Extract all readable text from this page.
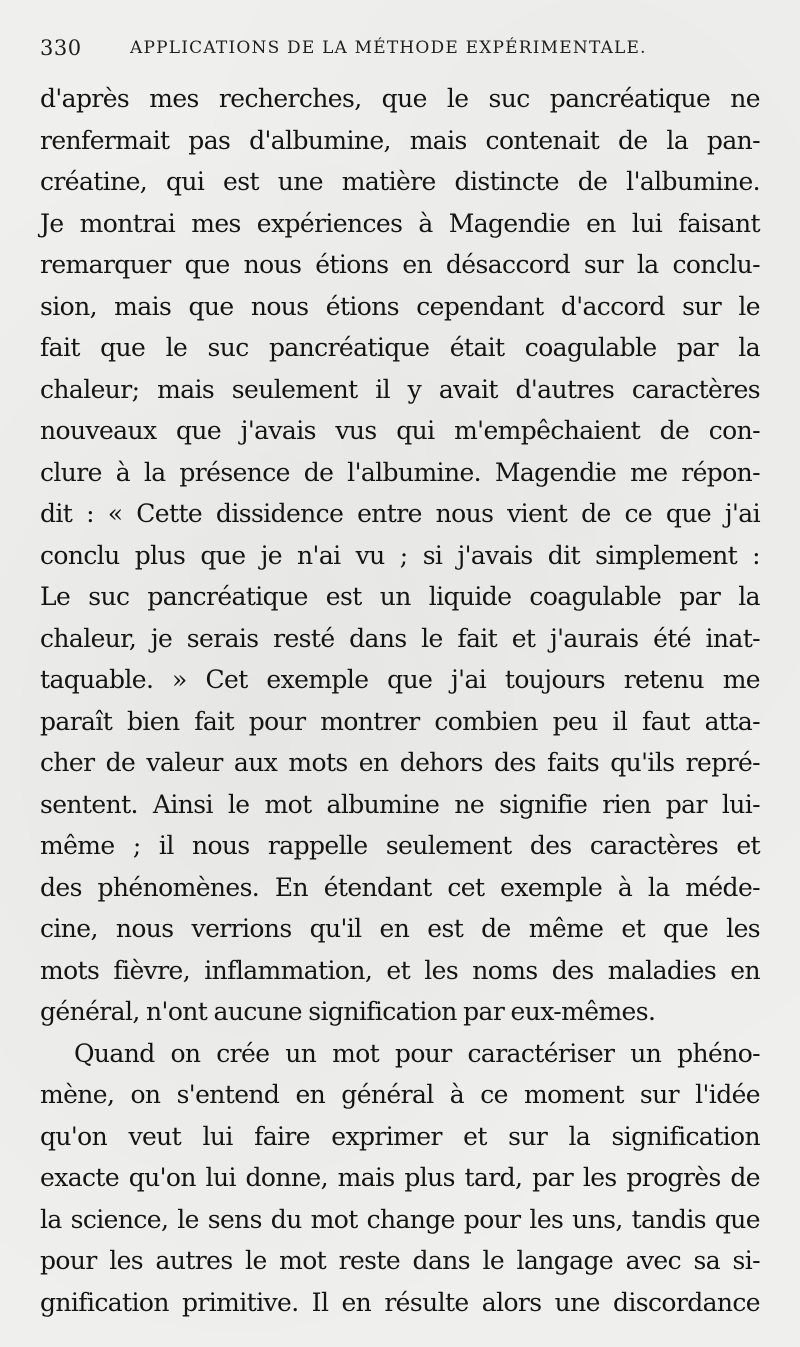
330	APPLICATIONS DE LA MÉTHODE EXPÉRIMENTALE.
d'après mes recherches, que le suc pancréatique ne
renfermait pas d'albumine, mais contenait de la pan-
créatine, qui est une matière distincte de l'albumine.
Je montrai mes expériences à Magendie en lui faisant
remarquer que nous étions en désaccord sur la conclu-
sion, mais que nous étions cependant d'accord sur le
fait que le suc pancréatique était coagulable par la
chaleur; mais seulement il y avait d'autres caractères
nouveaux que j'avais vus qui m'empêchaient de con-
clure à la présence de l'albumine. Magendie me répon-
dit : « Cette dissidence entre nous vient de ce que j'ai
conclu plus que je n'ai vu ; si j'avais dit simplement :
Le suc pancréatique est un liquide coagulable par la
chaleur, je serais resté dans le fait et j'aurais été inat-
taquable. » Cet exemple que j'ai toujours retenu me
paraît bien fait pour montrer combien peu il faut atta-
cher de valeur aux mots en dehors des faits qu'ils repré-
sentent. Ainsi le mot albumine ne signifie rien par lui-
même ; il nous rappelle seulement des caractères et
des phénomènes. En étendant cet exemple à la méde-
cine, nous verrions qu'il en est de même et que les
mots fièvre, inflammation, et les noms des maladies en
général, n'ont aucune signification par eux-mêmes.
Quand on crée un mot pour caractériser un phéno-
mène, on s'entend en général à ce moment sur l'idée
qu'on veut lui faire exprimer et sur la signification
exacte qu'on lui donne, mais plus tard, par les progrès de
la science, le sens du mot change pour les uns, tandis que
pour les autres le mot reste dans le langage avec sa si-
gnification primitive. Il en résulte alors une discordance
